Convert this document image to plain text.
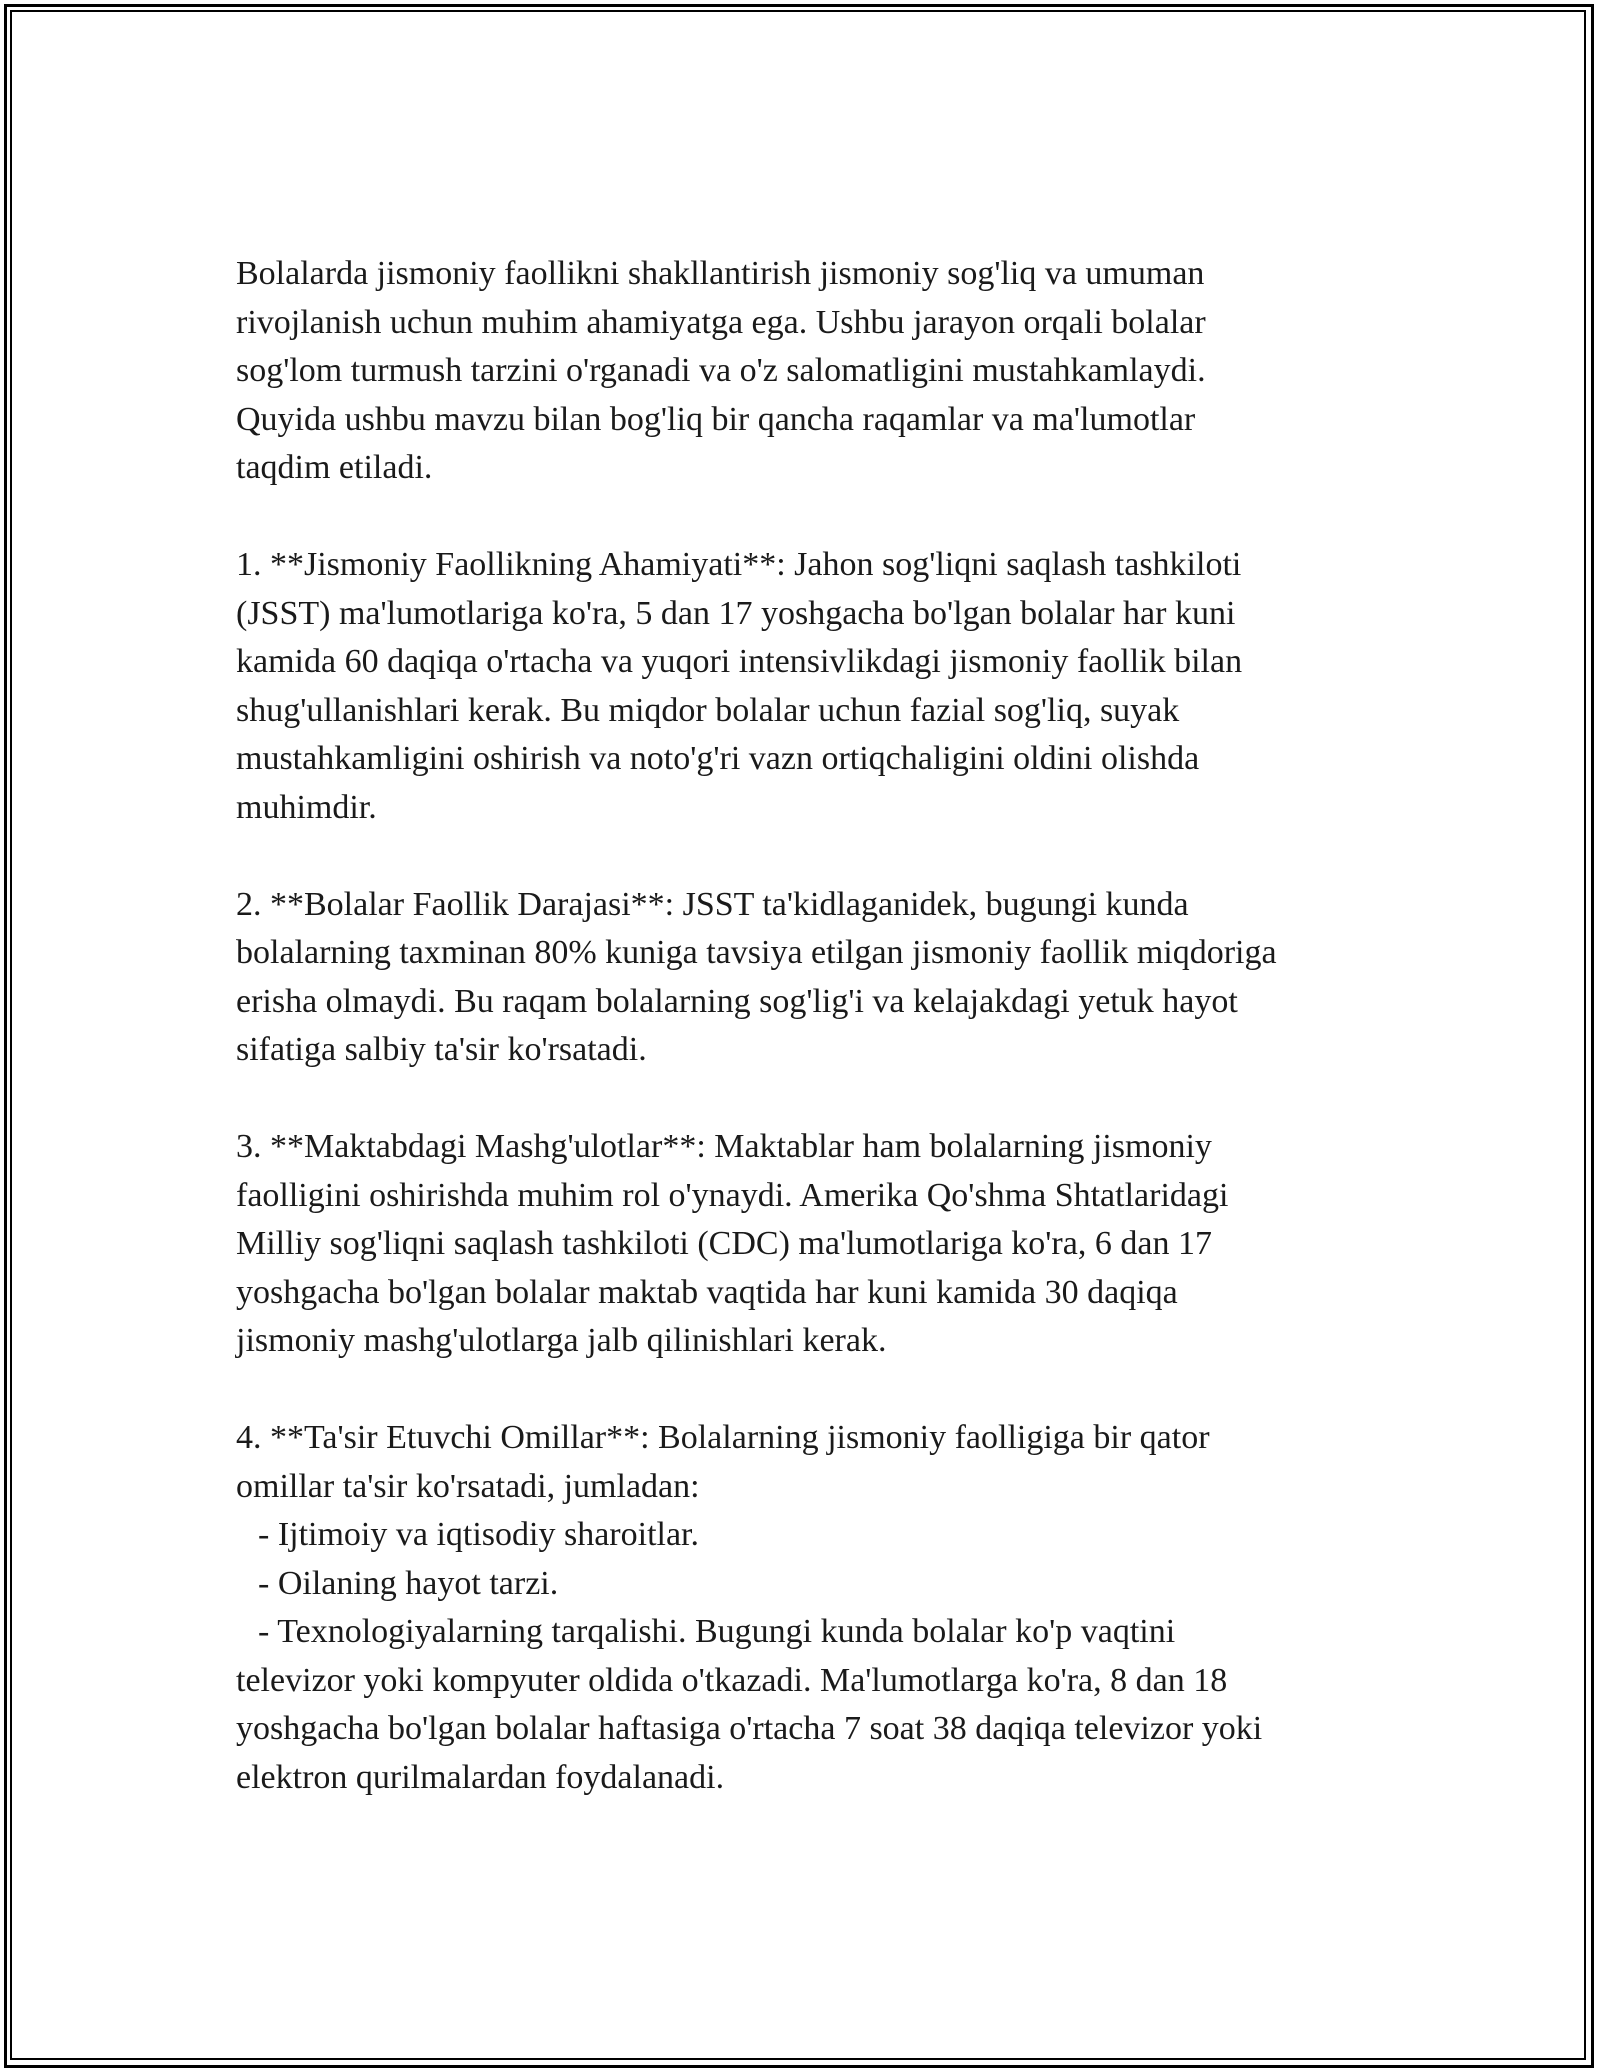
Bolalarda jismoniy faollikni shakllantirish jismoniy sog'liq va umuman
rivojlanish uchun muhim ahamiyatga ega. Ushbu jarayon orqali bolalar
sog'lom turmush tarzini o'rganadi va o'z salomatligini mustahkamlaydi.
Quyida ushbu mavzu bilan bog'liq bir qancha raqamlar va ma'lumotlar
taqdim etiladi.

1. **Jismoniy Faollikning Ahamiyati**: Jahon sog'liqni saqlash tashkiloti
(JSST) ma'lumotlariga ko'ra, 5 dan 17 yoshgacha bo'lgan bolalar har kuni
kamida 60 daqiqa o'rtacha va yuqori intensivlikdagi jismoniy faollik bilan
shug'ullanishlari kerak. Bu miqdor bolalar uchun fazial sog'liq, suyak
mustahkamligini oshirish va noto'g'ri vazn ortiqchaligini oldini olishda
muhimdir.

2. **Bolalar Faollik Darajasi**: JSST ta'kidlaganidek, bugungi kunda
bolalarning taxminan 80% kuniga tavsiya etilgan jismoniy faollik miqdoriga
erisha olmaydi. Bu raqam bolalarning sog'lig'i va kelajakdagi yetuk hayot
sifatiga salbiy ta'sir ko'rsatadi.

3. **Maktabdagi Mashg'ulotlar**: Maktablar ham bolalarning jismoniy
faolligini oshirishda muhim rol o'ynaydi. Amerika Qo'shma Shtatlaridagi
Milliy sog'liqni saqlash tashkiloti (CDC) ma'lumotlariga ko'ra, 6 dan 17
yoshgacha bo'lgan bolalar maktab vaqtida har kuni kamida 30 daqiqa
jismoniy mashg'ulotlarga jalb qilinishlari kerak.

4. **Ta'sir Etuvchi Omillar**: Bolalarning jismoniy faolligiga bir qator
omillar ta'sir ko'rsatadi, jumladan:
- Ijtimoiy va iqtisodiy sharoitlar.
- Oilaning hayot tarzi.
- Texnologiyalarning tarqalishi. Bugungi kunda bolalar ko'p vaqtini
televizor yoki kompyuter oldida o'tkazadi. Ma'lumotlarga ko'ra, 8 dan 18
yoshgacha bo'lgan bolalar haftasiga o'rtacha 7 soat 38 daqiqa televizor yoki
elektron qurilmalardan foydalanadi.
